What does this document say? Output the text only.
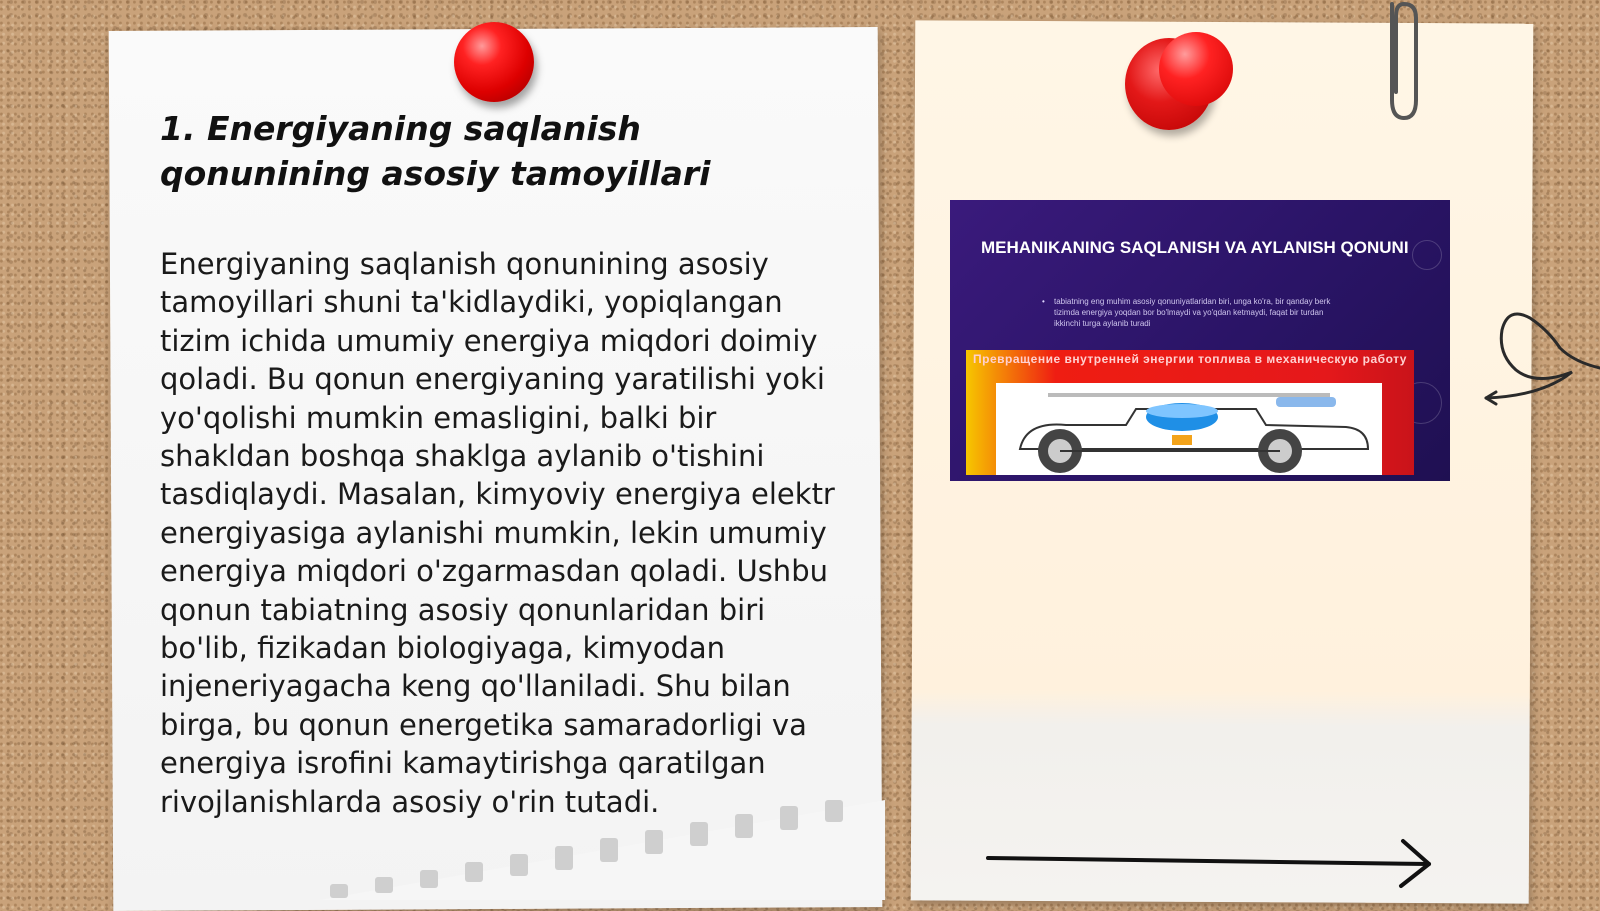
1. Energiyaning saqlanish qonunining asosiy tamoyillari

Energiyaning saqlanish qonunining asosiy tamoyillari shuni ta'kidlaydiki, yopiqlangan tizim ichida umumiy energiya miqdori doimiy qoladi. Bu qonun energiyaning yaratilishi yoki yo'qolishi mumkin emasligini, balki bir shakldan boshqa shaklga aylanib o'tishini tasdiqlaydi. Masalan, kimyoviy energiya elektr energiyasiga aylanishi mumkin, lekin umumiy energiya miqdori o'zgarmasdan qoladi. Ushbu qonun tabiatning asosiy qonunlaridan biri bo'lib, fizikadan biologiyaga, kimyodan injeneriyagacha keng qo'llaniladi. Shu bilan birga, bu qonun energetika samaradorligi va energiya isrofini kamaytirishga qaratilgan rivojlanishlarda asosiy o'rin tutadi.

MEHANIKANING SAQLANISH VA AYLANISH QONUNI

• tabiatning eng muhim asosiy qonuniyatlaridan biri, unga ko'ra, bir qanday berk tizimda energiya yoqdan bor bo'lmaydi va yo'qdan ketmaydi, faqat bir turdan ikkinchi turga aylanib turadi

Превращение внутренней энергии топлива в механическую работу
